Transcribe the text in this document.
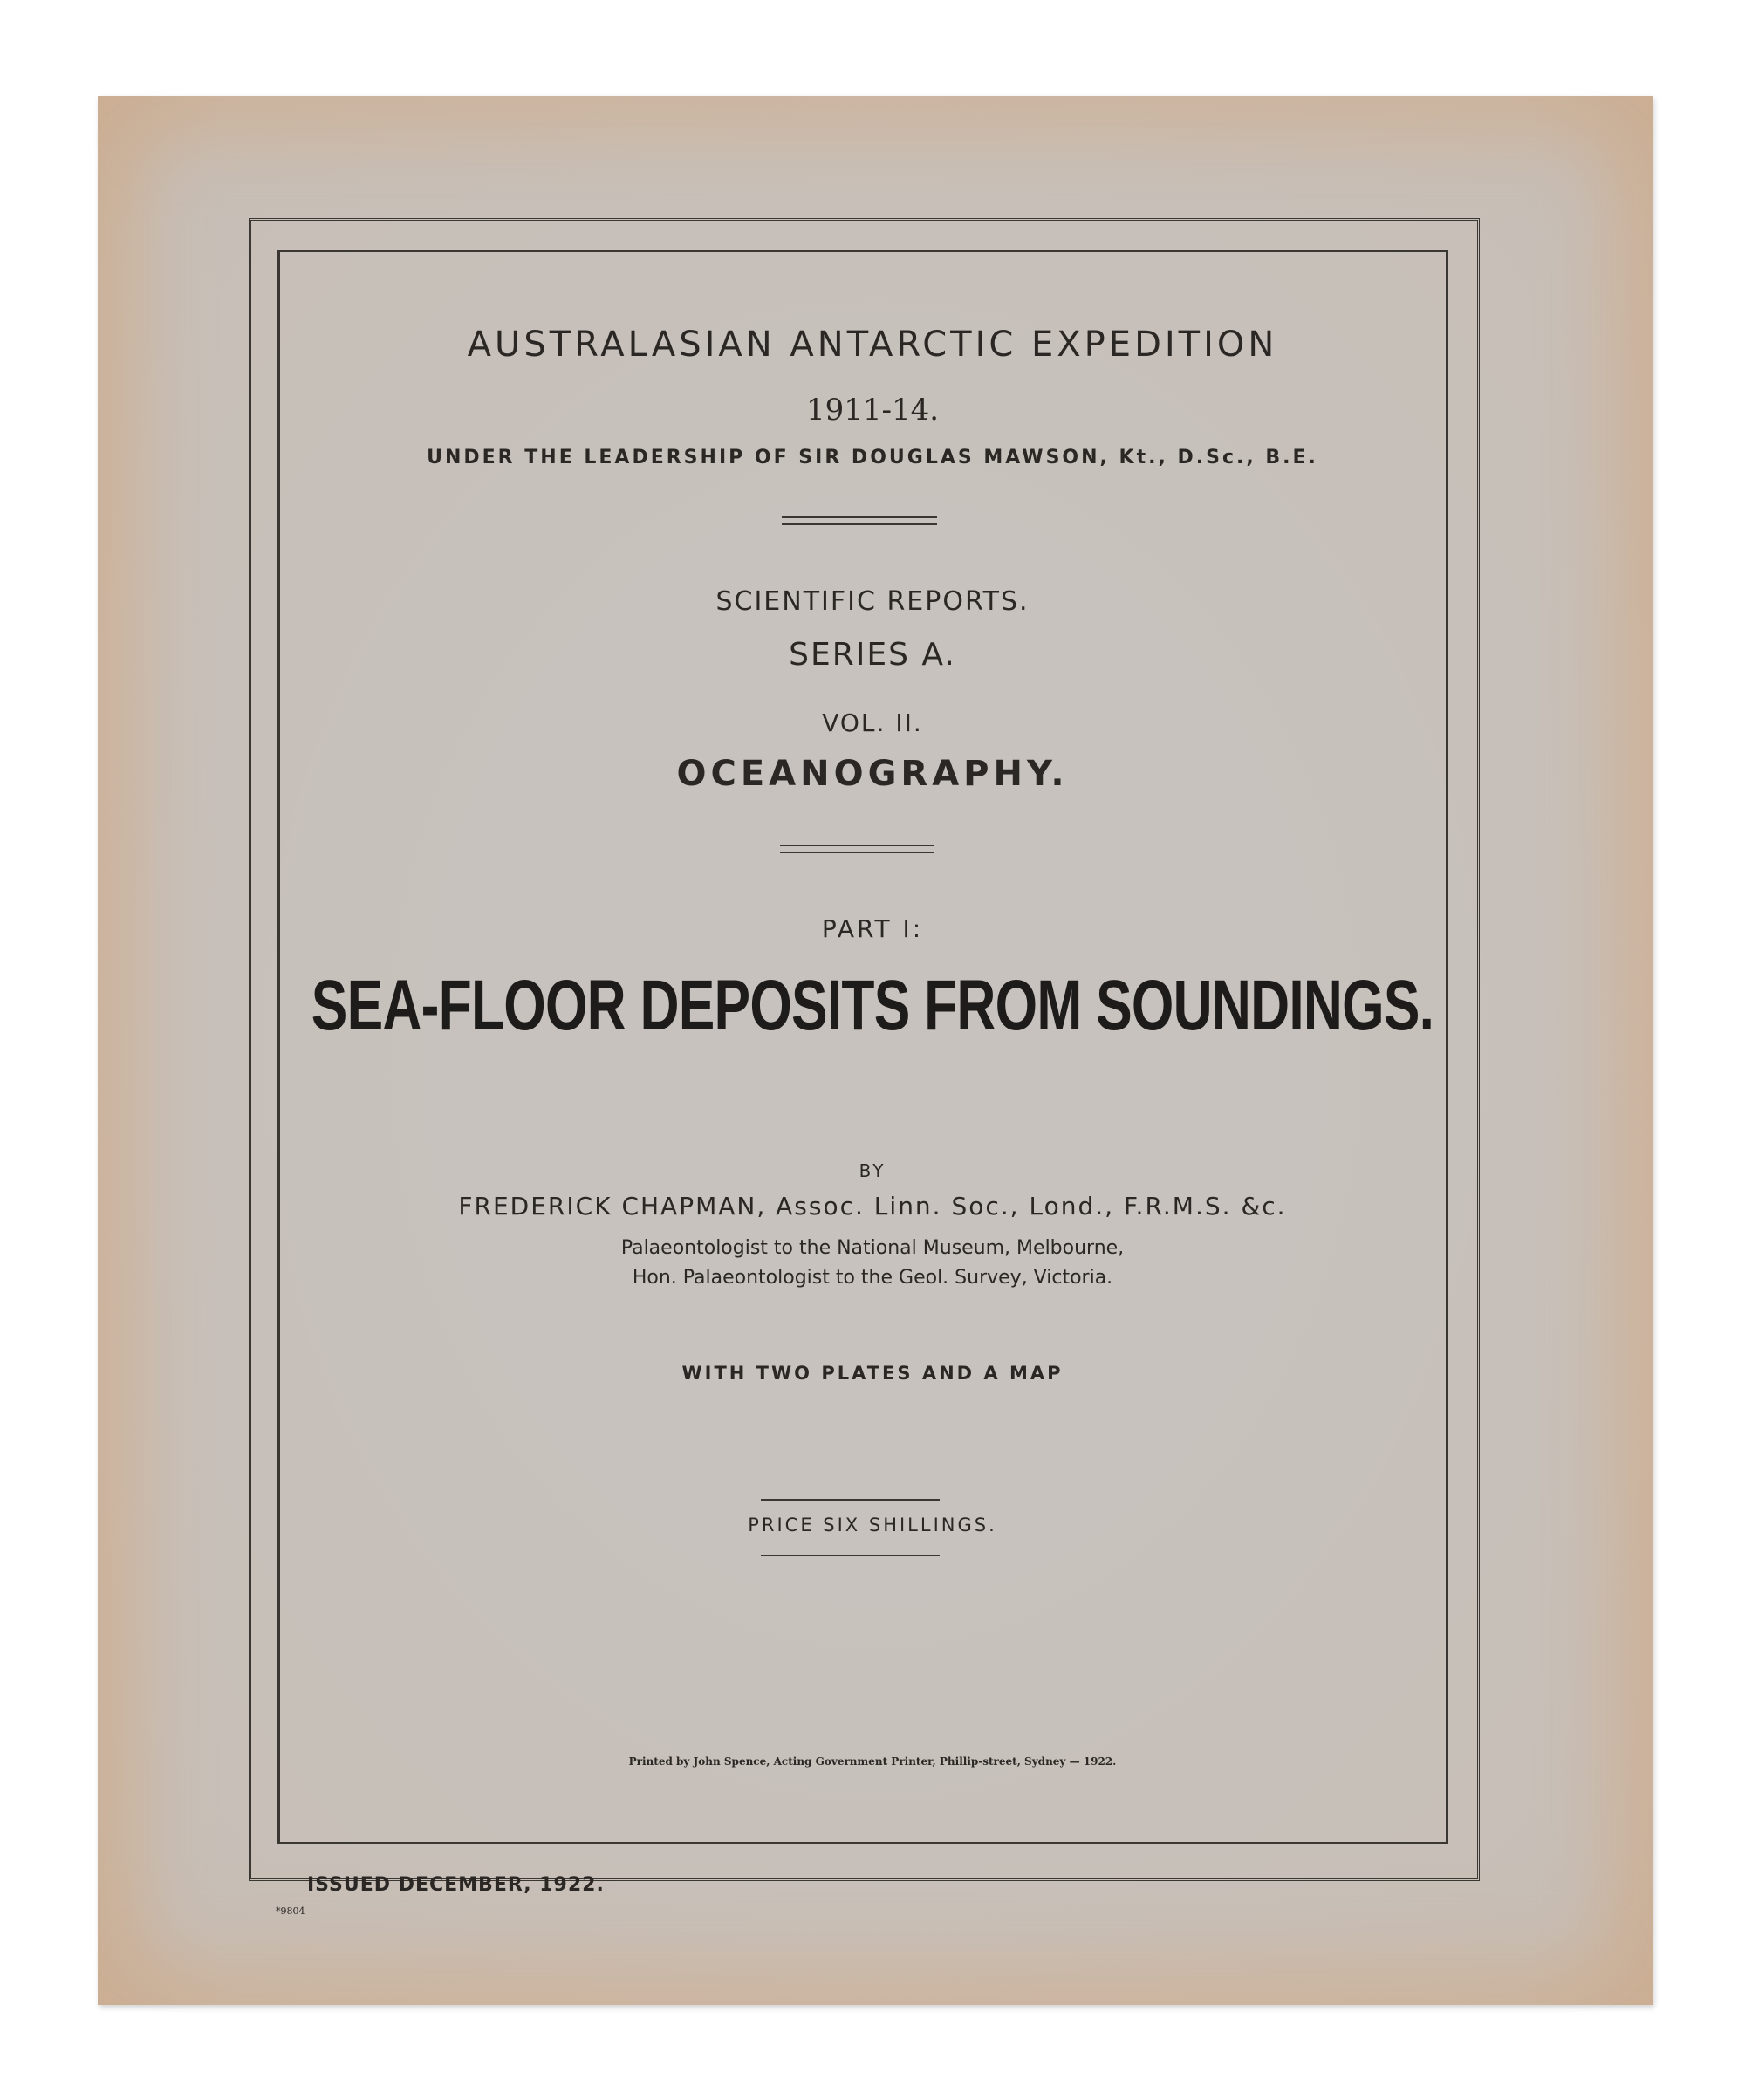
AUSTRALASIAN ANTARCTIC EXPEDITION
1911-14.
UNDER THE LEADERSHIP OF SIR DOUGLAS MAWSON, Kt., D.Sc., B.E.
SCIENTIFIC REPORTS.
SERIES A.
VOL. II.
OCEANOGRAPHY.
PART I:
SEA-FLOOR DEPOSITS FROM SOUNDINGS.
BY
FREDERICK CHAPMAN, Assoc. Linn. Soc., Lond., F.R.M.S. &c.
Palaeontologist to the National Museum, Melbourne,
Hon. Palaeontologist to the Geol. Survey, Victoria.
WITH TWO PLATES AND A MAP
PRICE SIX SHILLINGS.
Printed by John Spence, Acting Government Printer, Phillip-street, Sydney — 1922.
ISSUED DECEMBER, 1922.
*9804
